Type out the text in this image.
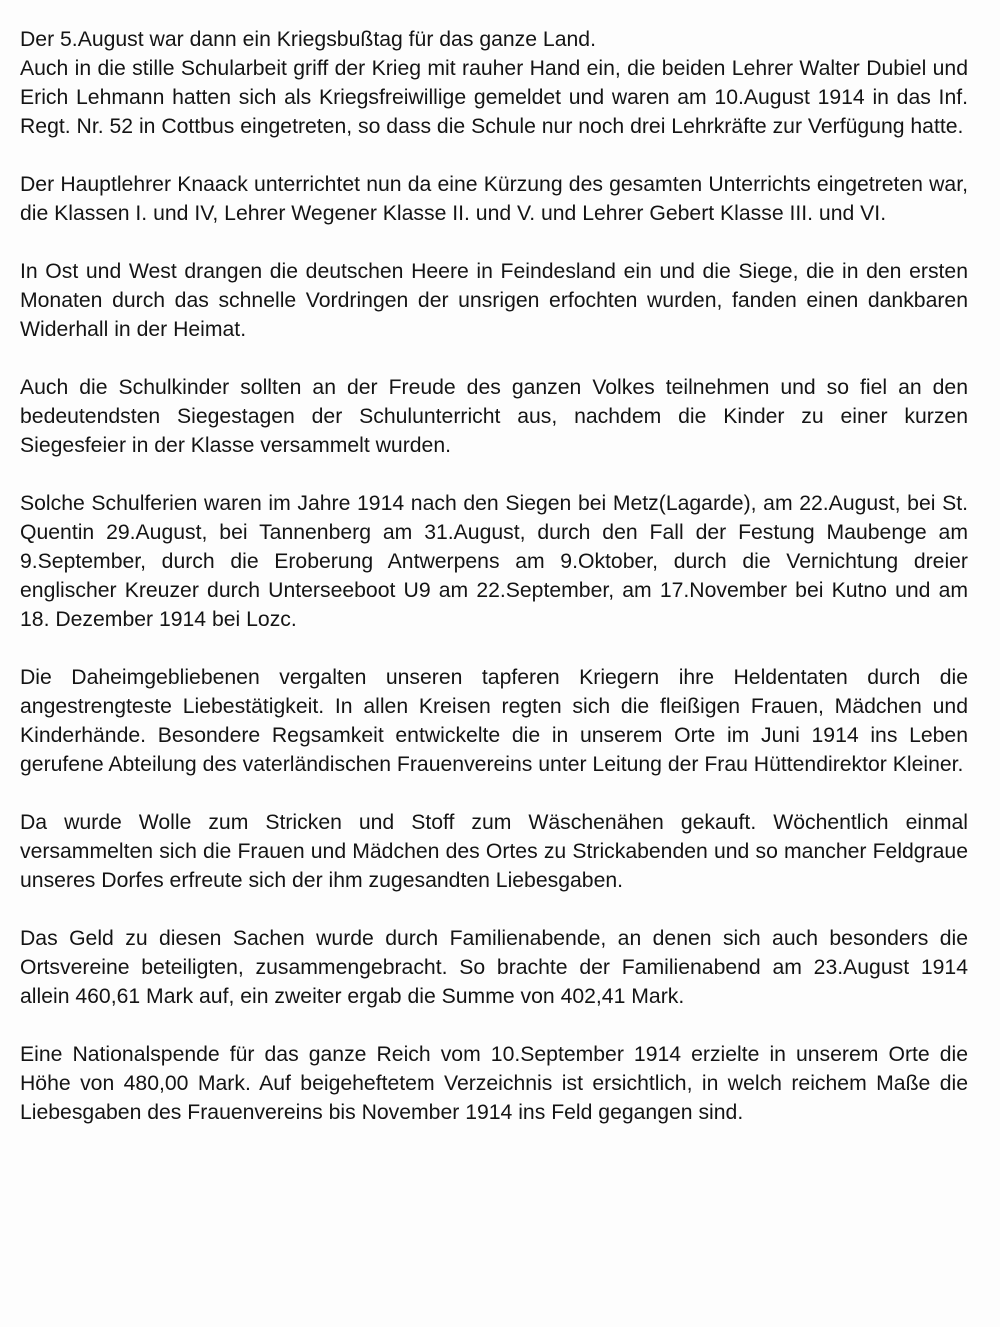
Der 5.August war dann ein Kriegsbußtag für das ganze Land.
Auch in die stille Schularbeit griff der Krieg mit rauher Hand ein, die beiden Lehrer Walter Dubiel und Erich Lehmann hatten sich als Kriegsfreiwillige gemeldet und waren am 10.August 1914 in das Inf. Regt. Nr. 52 in Cottbus eingetreten, so dass die Schule nur noch drei Lehrkräfte zur Verfügung hatte.

Der Hauptlehrer Knaack unterrichtet nun da eine Kürzung des gesamten Unterrichts eingetreten war, die Klassen I. und IV, Lehrer Wegener Klasse II. und V. und Lehrer Gebert Klasse III. und VI.

In Ost und West drangen die deutschen Heere in Feindesland ein und die Siege, die in den ersten Monaten durch das schnelle Vordringen der unsrigen erfochten wurden, fanden einen dankbaren Widerhall in der Heimat.

Auch die Schulkinder sollten an der Freude des ganzen Volkes teilnehmen und so fiel an den bedeutendsten Siegestagen der Schulunterricht aus, nachdem die Kinder zu einer kurzen Siegesfeier in der Klasse versammelt wurden.

Solche Schulferien waren im Jahre 1914 nach den Siegen bei Metz(Lagarde), am 22.August, bei St. Quentin 29.August, bei Tannenberg am 31.August, durch den Fall der Festung Maubenge am 9.September, durch die Eroberung Antwerpens am 9.Oktober, durch die Vernichtung dreier englischer Kreuzer durch Unterseeboot U9 am 22.September, am 17.November bei Kutno und am 18. Dezember 1914 bei Lozc.

Die Daheimgebliebenen vergalten unseren tapferen Kriegern ihre Heldentaten durch die angestrengteste Liebestätigkeit. In allen Kreisen regten sich die fleißigen Frauen, Mädchen und Kinderhände. Besondere Regsamkeit entwickelte die in unserem Orte im Juni 1914 ins Leben gerufene Abteilung des vaterländischen Frauenvereins unter Leitung der Frau Hüttendirektor Kleiner.

Da wurde Wolle zum Stricken und Stoff zum Wäschenähen gekauft. Wöchentlich einmal versammelten sich die Frauen und Mädchen des Ortes zu Strickabenden und so mancher Feldgraue unseres Dorfes erfreute sich der ihm zugesandten Liebesgaben.

Das Geld zu diesen Sachen wurde durch Familienabende, an denen sich auch besonders die Ortsvereine beteiligten, zusammengebracht. So brachte der Familienabend am 23.August 1914 allein 460,61 Mark auf, ein zweiter ergab die Summe von 402,41 Mark.

Eine Nationalspende für das ganze Reich vom 10.September 1914 erzielte in unserem Orte die Höhe von 480,00 Mark. Auf beigeheftetem Verzeichnis ist ersichtlich, in welch reichem Maße die Liebesgaben des Frauenvereins bis November 1914 ins Feld gegangen sind.
